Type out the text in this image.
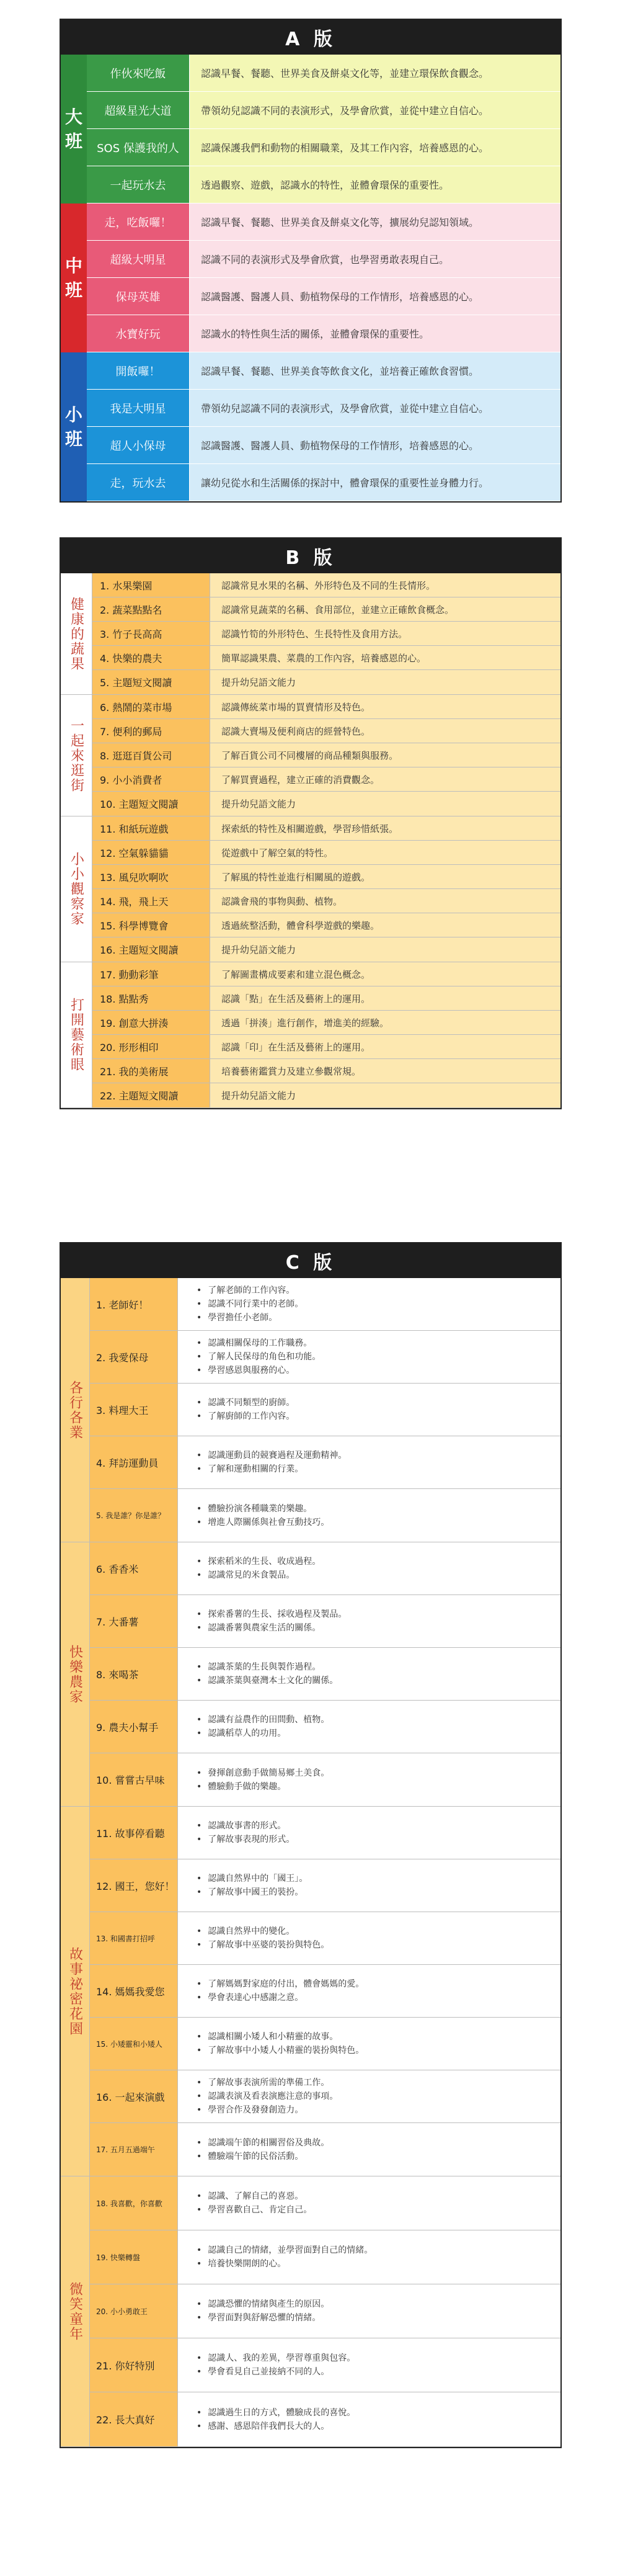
A 版
大
班
作伙來吃飯	認識早餐、餐聽、世界美食及餅桌文化等，並建立環保飲食觀念。
超級星光大道	帶領幼兒認識不同的表演形式，及學會欣賞，並從中建立自信心。
SOS 保護我的人	認識保護我們和動物的相關職業，及其工作內容，培養感恩的心。
一起玩水去	透過觀察、遊戲，認識水的特性，並體會環保的重要性。
中
班
走，吃飯囉！	認識早餐、餐聽、世界美食及餅桌文化等，擴展幼兒認知領域。
超級大明星	認識不同的表演形式及學會欣賞，也學習勇敢表現自己。
保母英雄	認識醫護、醫護人員、動植物保母的工作情形，培養感恩的心。
水寶好玩	認識水的特性與生活的關係，並體會環保的重要性。
小
班
開飯囉！	認識早餐、餐聽、世界美食等飲食文化，並培養正確飲食習慣。
我是大明星	帶領幼兒認識不同的表演形式，及學會欣賞，並從中建立自信心。
超人小保母	認識醫護、醫護人員、動植物保母的工作情形，培養感恩的心。
走，玩水去	讓幼兒從水和生活關係的探討中，體會環保的重要性並身體力行。
B 版
健康的蔬果
1. 水果樂園	認識常見水果的名稱、外形特色及不同的生長情形。
2. 蔬菜點點名	認識常見蔬菜的名稱、食用部位，並建立正確飲食概念。
3. 竹子長高高	認識竹筍的外形特色、生長特性及食用方法。
4. 快樂的農夫	簡單認識果農、菜農的工作內容，培養感恩的心。
5. 主題短文閱讀	提升幼兒語文能力
一起來逛街
6. 熱鬧的菜市場	認識傳統菜市場的買賣情形及特色。
7. 便利的郵局	認識大賣場及便利商店的經營特色。
8. 逛逛百貨公司	了解百貨公司不同樓層的商品種類與服務。
9. 小小消費者	了解買賣過程，建立正確的消費觀念。
10. 主題短文閱讀	提升幼兒語文能力
小小觀察家
11. 和紙玩遊戲	探索紙的特性及相關遊戲，學習珍惜紙張。
12. 空氣躲貓貓	從遊戲中了解空氣的特性。
13. 風兒吹啊吹	了解風的特性並進行相關風的遊戲。
14. 飛，飛上天	認識會飛的事物與動、植物。
15. 科學博覽會	透過統整活動，體會科學遊戲的樂趣。
16. 主題短文閱讀	提升幼兒語文能力
打開藝術眼
17. 動動彩筆	了解圖畫構成要素和建立混色概念。
18. 點點秀	認識「點」在生活及藝術上的運用。
19. 創意大拼湊	透過「拼湊」進行創作，增進美的經驗。
20. 形形相印	認識「印」在生活及藝術上的運用。
21. 我的美術展	培養藝術鑑賞力及建立參觀常規。
22. 主題短文閱讀	提升幼兒語文能力
C 版
各行各業
1. 老師好！
• 了解老師的工作內容。
• 認識不同行業中的老師。
• 學習擔任小老師。
2. 我愛保母
• 認識相關保母的工作職務。
• 了解人民保母的角色和功能。
• 學習感恩與服務的心。
3. 料理大王
• 認識不同類型的廚師。
• 了解廚師的工作內容。
4. 拜訪運動員
• 認識運動員的競賽過程及運動精神。
• 了解和運動相關的行業。
5. 我是誰？你是誰？
• 體驗扮演各種職業的樂趣。
• 增進人際關係與社會互動技巧。
快樂農家
6. 香香米
• 探索稻米的生長、收成過程。
• 認識常見的米食製品。
7. 大番薯
• 探索番薯的生長、採收過程及製品。
• 認識番薯與農家生活的關係。
8. 來喝茶
• 認識茶葉的生長與製作過程。
• 認識茶葉與臺灣本土文化的關係。
9. 農夫小幫手
• 認識有益農作的田間動、植物。
• 認識稻草人的功用。
10. 嘗嘗古早味
• 發揮創意動手做簡易鄉土美食。
• 體驗動手做的樂趣。
故事祕密花園
11. 故事停看聽
• 認識故事書的形式。
• 了解故事表現的形式。
12. 國王，您好！
• 認識自然界中的「國王」。
• 了解故事中國王的裝扮。
13. 和國書打招呼
• 認識自然界中的變化。
• 了解故事中巫婆的裝扮與特色。
14. 媽媽我愛您
• 了解媽媽對家庭的付出，體會媽媽的愛。
• 學會表達心中感謝之意。
15. 小矮靈和小矮人
• 認識相關小矮人和小精靈的故事。
• 了解故事中小矮人小精靈的裝扮與特色。
16. 一起來演戲
• 了解故事表演所需的準備工作。
• 認識表演及看表演應注意的事項。
• 學習合作及發發創造力。
17. 五月五過端午
• 認識端午節的相關習俗及典故。
• 體驗端午節的民俗活動。
微笑童年
18. 我喜歡，你喜歡
• 認識、了解自己的喜惡。
• 學習喜歡自己、肯定自己。
19. 快樂轉盤
• 認識自己的情緒，並學習面對自己的情緒。
• 培養快樂開朗的心。
20. 小小勇敢王
• 認識恐懼的情緒與產生的原因。
• 學習面對與舒解恐懼的情緒。
21. 你好特別
• 認識人、我的差異，學習尊重與包容。
• 學會看見自己並接納不同的人。
22. 長大真好
• 認識過生日的方式，體驗成長的喜悅。
• 感謝、感恩陪伴我們長大的人。
